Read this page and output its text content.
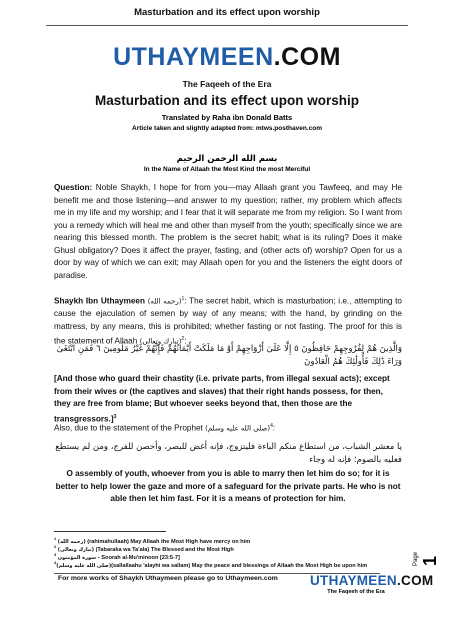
Masturbation and its effect upon worship
UTHAYMEEN.COM
The Faqeeh of the Era
Masturbation and its effect upon worship
Translated by Raha ibn Donald Batts
Article taken and slightly adapted from: mtws.posthaven.com
بسم الله الرحمن الرحيم
In the Name of Allaah the Most Kind the most Merciful
Question: Noble Shaykh, I hope for from you—may Allaah grant you Tawfeeq, and may He benefit me and those listening—and answer to my question; rather, my problem which affects me in my life and my worship; and I fear that it will separate me from my religion. So I want from you a remedy which will heal me and other than myself from the youth; specifically since we are nearing this blessed month. The problem is the secret habit; what is its ruling? Does it make Ghusl obligatory? Does it affect the prayer, fasting, and (other acts of) worship? Open for us a door by way of which we can exit; may Allaah open for you and the listeners the eight doors of paradise.
Shaykh Ibn Uthaymeen (رحمه الله)$^1$: The secret habit, which is masturbation; i.e., attempting to cause the ejaculation of semen by way of any means; with the hand, by grinding on the mattress, by any means, this is prohibited; whether fasting or not fasting. The proof for this is the statement of Allaah (تبارك وتعالى)$^2$:
وَالَّذِينَ هُمْ لِفُرُوجِهِمْ حَافِظُونَ ٥ إِلَّا عَلَىٰ أَزْوَاجِهِمْ أَوْ مَا مَلَكَتْ أَيْمَانُهُمْ فَإِنَّهُمْ غَيْرُ مَلُومِينَ ٦ فَمَنِ ابْتَغَىٰ وَرَاءَ ذَٰلِكَ فَأُولَٰئِكَ هُمُ الْعَادُونَ
[And those who guard their chastity (i.e. private parts, from illegal sexual acts); except from their wives or (the captives and slaves) that their right hands possess, for then, they are free from blame; But whoever seeks beyond that, then those are the transgressors.]$^3$
Also, due to the statement of the Prophet (صلى الله عليه وسلم)$^4$:
يا معشر الشباب، من استطاع منكم الباءة فليتزوج، فإنه أغض للبصر، وأحصن للفرج، ومن لم يستطع فعليه بالصوم؛ فإنه له وجاء
O assembly of youth, whoever from you is able to marry then let him do so; for it is better to help lower the gaze and more of a safeguard for the private parts. He who is not able then let him fast. For it is a means of protection for him.
$^1$ (رحمه الله) (rahimahullaah) May Allaah the Most High have mercy on him
$^2$ (تبارك وتعالى) (Tabaraka wa Ta'ala) The Blessed and the Most High
$^3$ سورة المؤمنون - Soorah al-Mu'minoon [23:5-7]
$^4$(صلى الله عليه وسلم)(sallallaahu 'alayhi wa sallam) May the peace and blessings of Allaah the Most High be upon him
For more works of Shaykh Uthaymeen please go to Uthaymeen.com UTHAYMEEN.COM
The Faqeeh of the Era
Page 1
